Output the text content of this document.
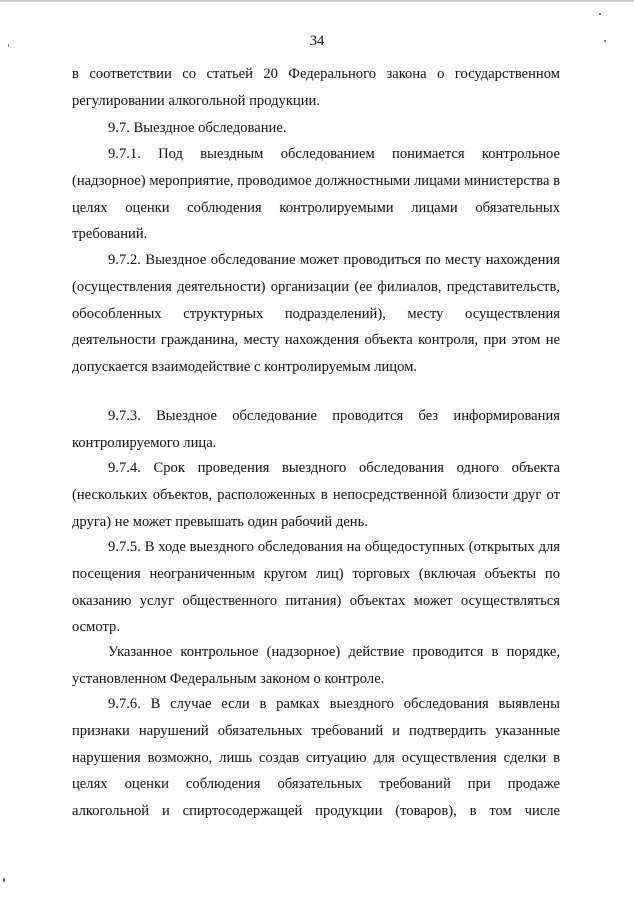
34
в соответствии со статьей 20 Федерального закона о государственном регулировании алкогольной продукции.
9.7. Выездное обследование.
9.7.1. Под выездным обследованием понимается контрольное (надзорное) мероприятие, проводимое должностными лицами министерства в целях оценки соблюдения контролируемыми лицами обязательных требований.
9.7.2. Выездное обследование может проводиться по месту нахождения (осуществления деятельности) организации (ее филиалов, представительств, обособленных структурных подразделений), месту осуществления деятельности гражданина, месту нахождения объекта контроля, при этом не допускается взаимодействие с контролируемым лицом.
9.7.3. Выездное обследование проводится без информирования контролируемого лица.
9.7.4. Срок проведения выездного обследования одного объекта (нескольких объектов, расположенных в непосредственной близости друг от друга) не может превышать один рабочий день.
9.7.5. В ходе выездного обследования на общедоступных (открытых для посещения неограниченным кругом лиц) торговых (включая объекты по оказанию услуг общественного питания) объектах может осуществляться осмотр.
Указанное контрольное (надзорное) действие проводится в порядке, установленном Федеральным законом о контроле.
9.7.6. В случае если в рамках выездного обследования выявлены признаки нарушений обязательных требований и подтвердить указанные нарушения возможно, лишь создав ситуацию для осуществления сделки в целях оценки соблюдения обязательных требований при продаже алкогольной и спиртосодержащей продукции (товаров), в том числе
